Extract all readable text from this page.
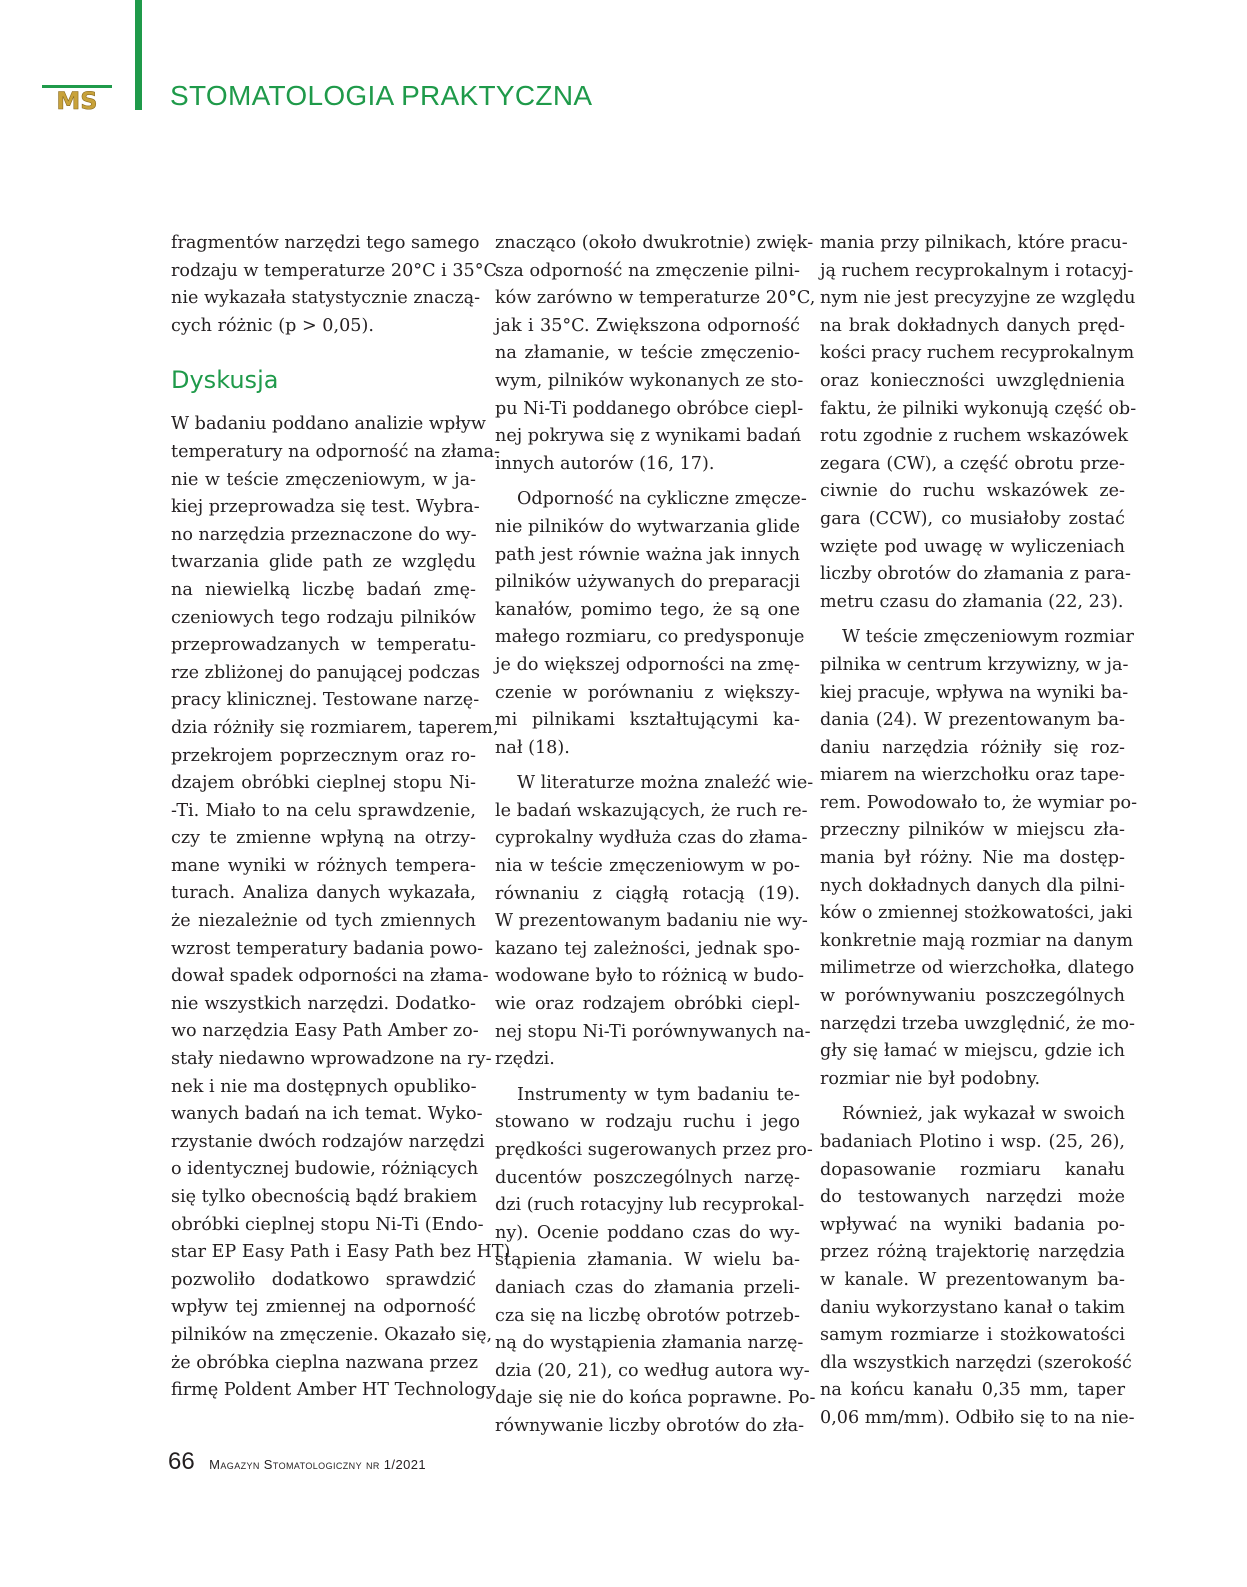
MS	STOMATOLOGIA PRAKTYCZNA

fragmentów narzędzi tego samego
rodzaju w temperaturze 20°C i 35°C
nie wykazała statystycznie znaczą-
cych różnic (p > 0,05).

Dyskusja

W badaniu poddano analizie wpływ
temperatury na odporność na złama-
nie w teście zmęczeniowym, w ja-
kiej przeprowadza się test. Wybra-
no narzędzia przeznaczone do wy-
twarzania glide path ze względu
na niewielką liczbę badań zmę-
czeniowych tego rodzaju pilników
przeprowadzanych w temperatu-
rze zbliżonej do panującej podczas
pracy klinicznej. Testowane narzę-
dzia różniły się rozmiarem, taperem,
przekrojem poprzecznym oraz ro-
dzajem obróbki cieplnej stopu Ni-
-Ti. Miało to na celu sprawdzenie,
czy te zmienne wpłyną na otrzy-
mane wyniki w różnych tempera-
turach. Analiza danych wykazała,
że niezależnie od tych zmiennych
wzrost temperatury badania powo-
dował spadek odporności na złama-
nie wszystkich narzędzi. Dodatko-
wo narzędzia Easy Path Amber zo-
stały niedawno wprowadzone na ry-
nek i nie ma dostępnych opubliko-
wanych badań na ich temat. Wyko-
rzystanie dwóch rodzajów narzędzi
o identycznej budowie, różniących
się tylko obecnością bądź brakiem
obróbki cieplnej stopu Ni-Ti (Endo-
star EP Easy Path i Easy Path bez HT)
pozwoliło dodatkowo sprawdzić
wpływ tej zmiennej na odporność
pilników na zmęczenie. Okazało się,
że obróbka cieplna nazwana przez
firmę Poldent Amber HT Technology

znacząco (około dwukrotnie) zwięk-
sza odporność na zmęczenie pilni-
ków zarówno w temperaturze 20°C,
jak i 35°C. Zwiększona odporność
na złamanie, w teście zmęczenio-
wym, pilników wykonanych ze sto-
pu Ni-Ti poddanego obróbce ciepl-
nej pokrywa się z wynikami badań
innych autorów (16, 17).

Odporność na cykliczne zmęcze-
nie pilników do wytwarzania glide
path jest równie ważna jak innych
pilników używanych do preparacji
kanałów, pomimo tego, że są one
małego rozmiaru, co predysponuje
je do większej odporności na zmę-
czenie w porównaniu z większy-
mi pilnikami kształtującymi ka-
nał (18).

W literaturze można znaleźć wie-
le badań wskazujących, że ruch re-
cyprokalny wydłuża czas do złama-
nia w teście zmęczeniowym w po-
równaniu z ciągłą rotacją (19).
W prezentowanym badaniu nie wy-
kazano tej zależności, jednak spo-
wodowane było to różnicą w budo-
wie oraz rodzajem obróbki ciepl-
nej stopu Ni-Ti porównywanych na-
rzędzi.

Instrumenty w tym badaniu te-
stowano w rodzaju ruchu i jego
prędkości sugerowanych przez pro-
ducentów poszczególnych narzę-
dzi (ruch rotacyjny lub recyprokal-
ny). Ocenie poddano czas do wy-
stąpienia złamania. W wielu ba-
daniach czas do złamania przeli-
cza się na liczbę obrotów potrzeb-
ną do wystąpienia złamania narzę-
dzia (20, 21), co według autora wy-
daje się nie do końca poprawne. Po-
równywanie liczby obrotów do zła-

mania przy pilnikach, które pracu-
ją ruchem recyprokalnym i rotacyj-
nym nie jest precyzyjne ze względu
na brak dokładnych danych pręd-
kości pracy ruchem recyprokalnym
oraz konieczności uwzględnienia
faktu, że pilniki wykonują część ob-
rotu zgodnie z ruchem wskazówek
zegara (CW), a część obrotu prze-
ciwnie do ruchu wskazówek ze-
gara (CCW), co musiałoby zostać
wzięte pod uwagę w wyliczeniach
liczby obrotów do złamania z para-
metru czasu do złamania (22, 23).

W teście zmęczeniowym rozmiar
pilnika w centrum krzywizny, w ja-
kiej pracuje, wpływa na wyniki ba-
dania (24). W prezentowanym ba-
daniu narzędzia różniły się roz-
miarem na wierzchołku oraz tape-
rem. Powodowało to, że wymiar po-
przeczny pilników w miejscu zła-
mania był różny. Nie ma dostęp-
nych dokładnych danych dla pilni-
ków o zmiennej stożkowatości, jaki
konkretnie mają rozmiar na danym
milimetrze od wierzchołka, dlatego
w porównywaniu poszczególnych
narzędzi trzeba uwzględnić, że mo-
gły się łamać w miejscu, gdzie ich
rozmiar nie był podobny.

Również, jak wykazał w swoich
badaniach Plotino i wsp. (25, 26),
dopasowanie rozmiaru kanału
do testowanych narzędzi może
wpływać na wyniki badania po-
przez różną trajektorię narzędzia
w kanale. W prezentowanym ba-
daniu wykorzystano kanał o takim
samym rozmiarze i stożkowatości
dla wszystkich narzędzi (szerokość
na końcu kanału 0,35 mm, taper
0,06 mm/mm). Odbiło się to na nie-

66 Magazyn Stomatologiczny nr 1/2021
